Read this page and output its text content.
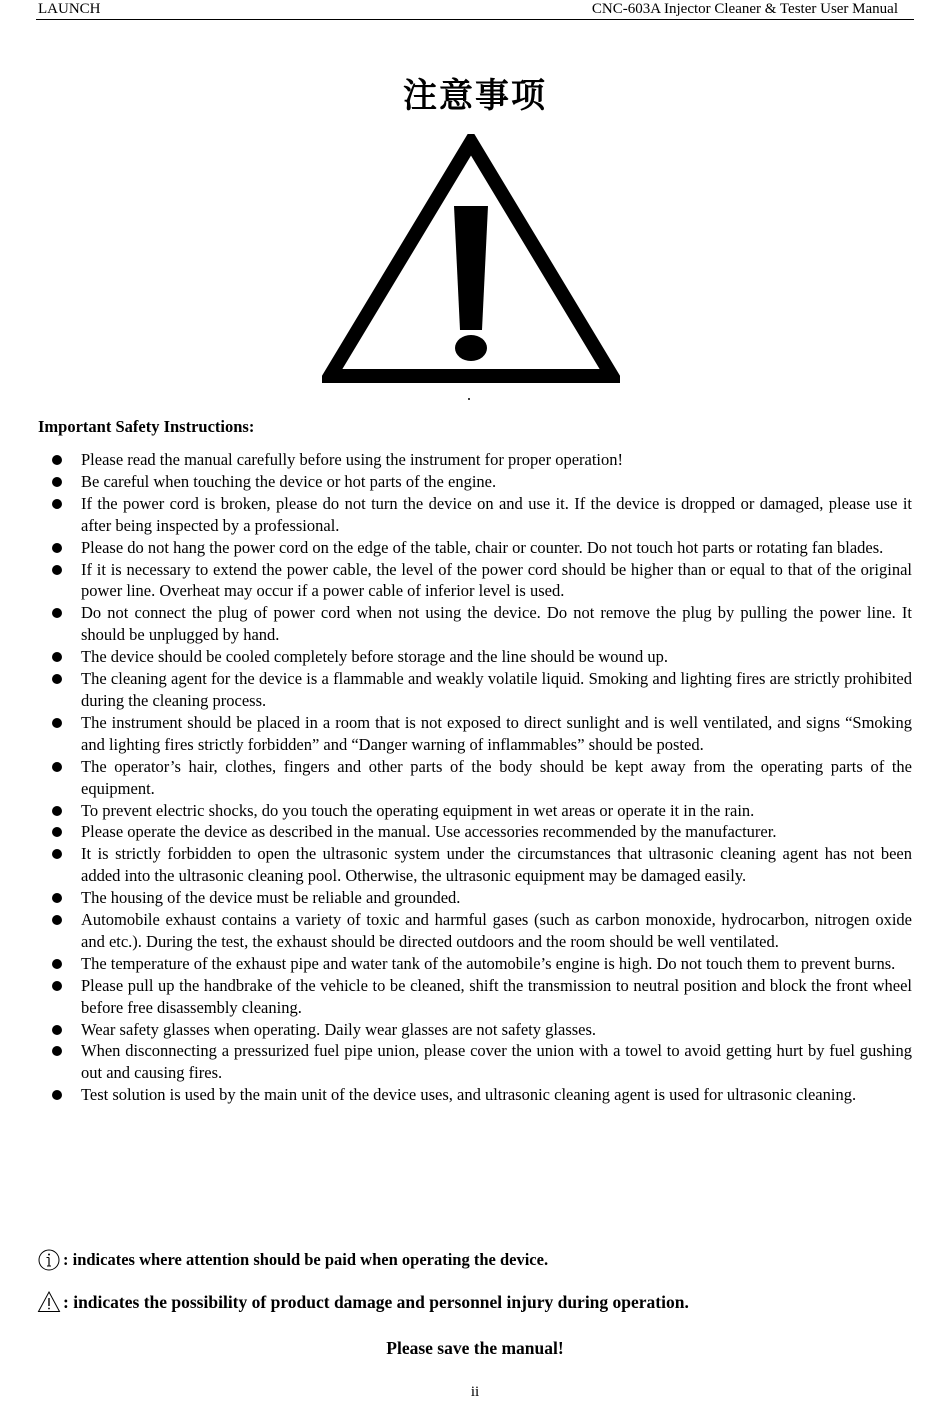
LAUNCH	CNC-603A Injector Cleaner & Tester User Manual
注意事项
Important Safety Instructions:
Please read the manual carefully before using the instrument for proper operation!
Be careful when touching the device or hot parts of the engine.
If the power cord is broken, please do not turn the device on and use it. If the device is dropped or damaged, please use it after being inspected by a professional.
Please do not hang the power cord on the edge of the table, chair or counter. Do not touch hot parts or rotating fan blades.
If it is necessary to extend the power cable, the level of the power cord should be higher than or equal to that of the original power line. Overheat may occur if a power cable of inferior level is used.
Do not connect the plug of power cord when not using the device. Do not remove the plug by pulling the power line. It should be unplugged by hand.
The device should be cooled completely before storage and the line should be wound up.
The cleaning agent for the device is a flammable and weakly volatile liquid. Smoking and lighting fires are strictly prohibited during the cleaning process.
The instrument should be placed in a room that is not exposed to direct sunlight and is well ventilated, and signs “Smoking and lighting fires strictly forbidden” and “Danger warning of inflammables” should be posted.
The operator’s hair, clothes, fingers and other parts of the body should be kept away from the operating parts of the equipment.
To prevent electric shocks, do you touch the operating equipment in wet areas or operate it in the rain.
Please operate the device as described in the manual. Use accessories recommended by the manufacturer.
It is strictly forbidden to open the ultrasonic system under the circumstances that ultrasonic cleaning agent has not been added into the ultrasonic cleaning pool. Otherwise, the ultrasonic equipment may be damaged easily.
The housing of the device must be reliable and grounded.
Automobile exhaust contains a variety of toxic and harmful gases (such as carbon monoxide, hydrocarbon, nitrogen oxide and etc.). During the test, the exhaust should be directed outdoors and the room should be well ventilated.
The temperature of the exhaust pipe and water tank of the automobile’s engine is high. Do not touch them to prevent burns.
Please pull up the handbrake of the vehicle to be cleaned, shift the transmission to neutral position and block the front wheel before free disassembly cleaning.
Wear safety glasses when operating. Daily wear glasses are not safety glasses.
When disconnecting a pressurized fuel pipe union, please cover the union with a towel to avoid getting hurt by fuel gushing out and causing fires.
Test solution is used by the main unit of the device uses, and ultrasonic cleaning agent is used for ultrasonic cleaning.
: indicates where attention should be paid when operating the device.
: indicates the possibility of product damage and personnel injury during operation.
Please save the manual!
ii
